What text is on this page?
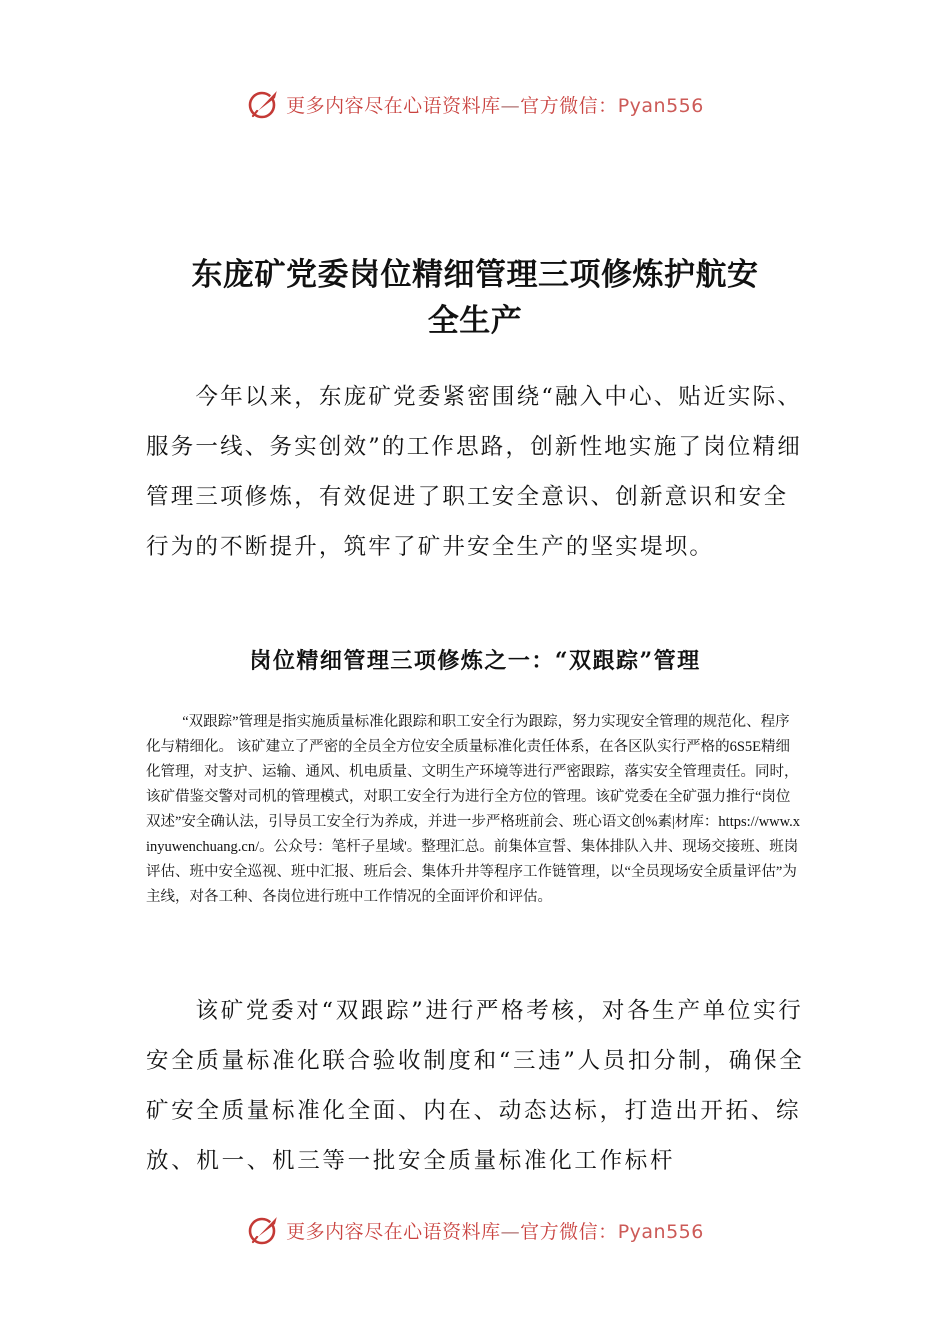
更多内容尽在心语资料库—官方微信：Pyan556
东庞矿党委岗位精细管理三项修炼护航安
全生产

今年以来，东庞矿党委紧密围绕“融入中心、贴近实际、服务一线、务实创效”的工作思路，创新性地实施了岗位精细管理三项修炼，有效促进了职工安全意识、创新意识和安全行为的不断提升，筑牢了矿井安全生产的坚实堤坝。

岗位精细管理三项修炼之一：“双跟踪”管理

“双跟踪”管理是指实施质量标准化跟踪和职工安全行为跟踪，努力实现安全管理的规范化、程序化与精细化。 该矿建立了严密的全员全方位安全质量标准化责任体系，在各区队实行严格的6S5E精细化管理，对支护、运输、通风、机电质量、文明生产环境等进行严密跟踪，落实安全管理责任。同时，该矿借鉴交警对司机的管理模式，对职工安全行为进行全方位的管理。该矿党委在全矿强力推行“岗位双述”安全确认法，引导员工安全行为养成，并进一步严格班前会、班心语文创%素|材库：https://www.xinyuwenchuang.cn/。公众号：笔杆子星域'。整理汇总。前集体宣誓、集体排队入井、现场交接班、班岗评估、班中安全巡视、班中汇报、班后会、集体升井等程序工作链管理，以“全员现场安全质量评估”为主线，对各工种、各岗位进行班中工作情况的全面评价和评估。

该矿党委对“双跟踪”进行严格考核，对各生产单位实行安全质量标准化联合验收制度和“三违”人员扣分制，确保全矿安全质量标准化全面、内在、动态达标，打造出开拓、综放、机一、机三等一批安全质量标准化工作标杆

更多内容尽在心语资料库—官方微信：Pyan556
